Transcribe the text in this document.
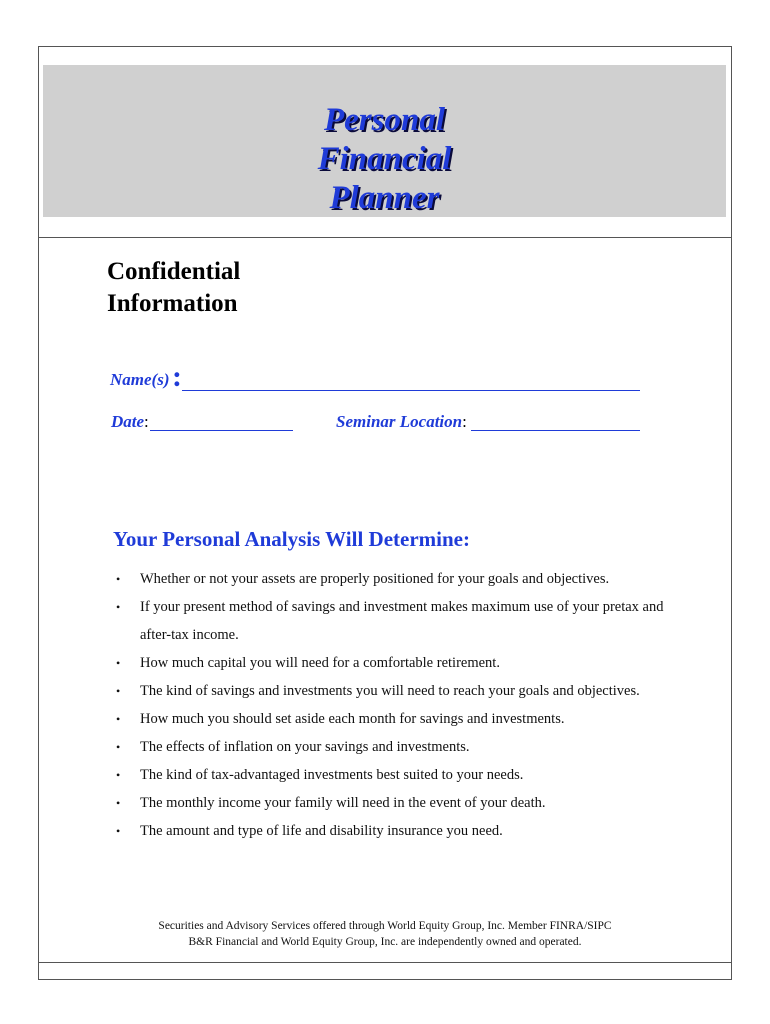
Personal
Financial
Planner
Confidential
Information
Name(s) :
Date:	Seminar Location:
Your Personal Analysis Will Determine:
• Whether or not your assets are properly positioned for your goals and objectives.
• If your present method of savings and investment makes maximum use of your pretax and after-tax income.
• How much capital you will need for a comfortable retirement.
• The kind of savings and investments you will need to reach your goals and objectives.
• How much you should set aside each month for savings and investments.
• The effects of inflation on your savings and investments.
• The kind of tax-advantaged investments best suited to your needs.
• The monthly income your family will need in the event of your death.
• The amount and type of life and disability insurance you need.
Securities and Advisory Services offered through World Equity Group, Inc. Member FINRA/SIPC
B&R Financial and World Equity Group, Inc. are independently owned and operated.
